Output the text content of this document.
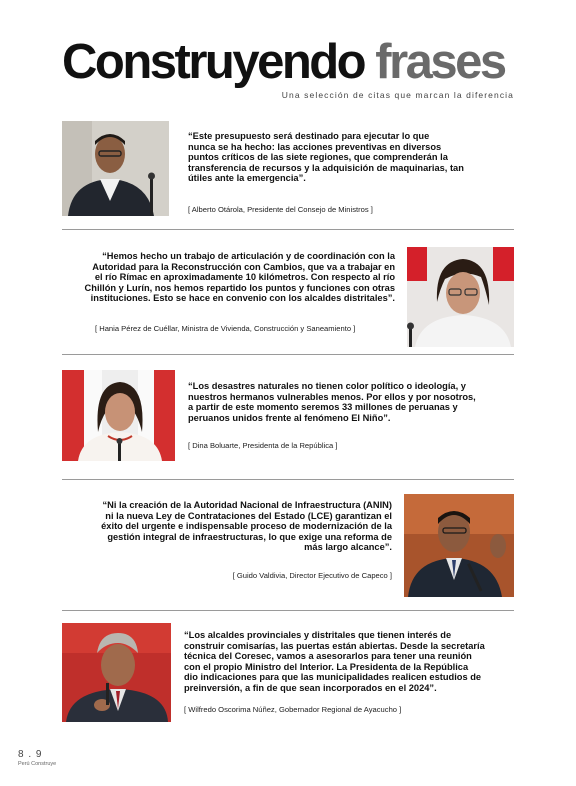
Construyendo frases
Una selección de citas que marcan la diferencia
“Este presupuesto será destinado para ejecutar lo que
nunca se ha hecho: las acciones preventivas en diversos
puntos críticos de las siete regiones, que comprenderán la
transferencia de recursos y la adquisición de maquinarias, tan
útiles ante la emergencia”.
[ Alberto Otárola, Presidente del Consejo de Ministros ]
“Hemos hecho un trabajo de articulación y de coordinación con la
Autoridad para la Reconstrucción con Cambios, que va a trabajar en
el río Rímac en aproximadamente 10 kilómetros. Con respecto al río
Chillón y Lurín, nos hemos repartido los puntos y funciones con otras
instituciones. Esto se hace en convenio con los alcaldes distritales”.
[ Hania Pérez de Cuéllar, Ministra de Vivienda, Construcción y Saneamiento ]
“Los desastres naturales no tienen color político o ideología, y
nuestros hermanos vulnerables menos. Por ellos y por nosotros,
a partir de este momento seremos 33 millones de peruanas y
peruanos unidos frente al fenómeno El Niño”.
[ Dina Boluarte, Presidenta de la República ]
“Ni la creación de la Autoridad Nacional de Infraestructura (ANIN)
ni la nueva Ley de Contrataciones del Estado (LCE) garantizan el
éxito del urgente e indispensable proceso de modernización de la
gestión integral de infraestructuras, lo que exige una reforma de
más largo alcance”.
[ Guido Valdivia, Director Ejecutivo de Capeco ]
“Los alcaldes provinciales y distritales que tienen interés de
construir comisarías, las puertas están abiertas. Desde la secretaría
técnica del Coresec, vamos a asesorarlos para tener una reunión
con el propio Ministro del Interior. La Presidenta de la República
dio indicaciones para que las municipalidades realicen estudios de
preinversión, a fin de que sean incorporados en el 2024”.
[ Wilfredo Oscorima Núñez, Gobernador Regional de Ayacucho ]
8 . 9
Perú Construye
